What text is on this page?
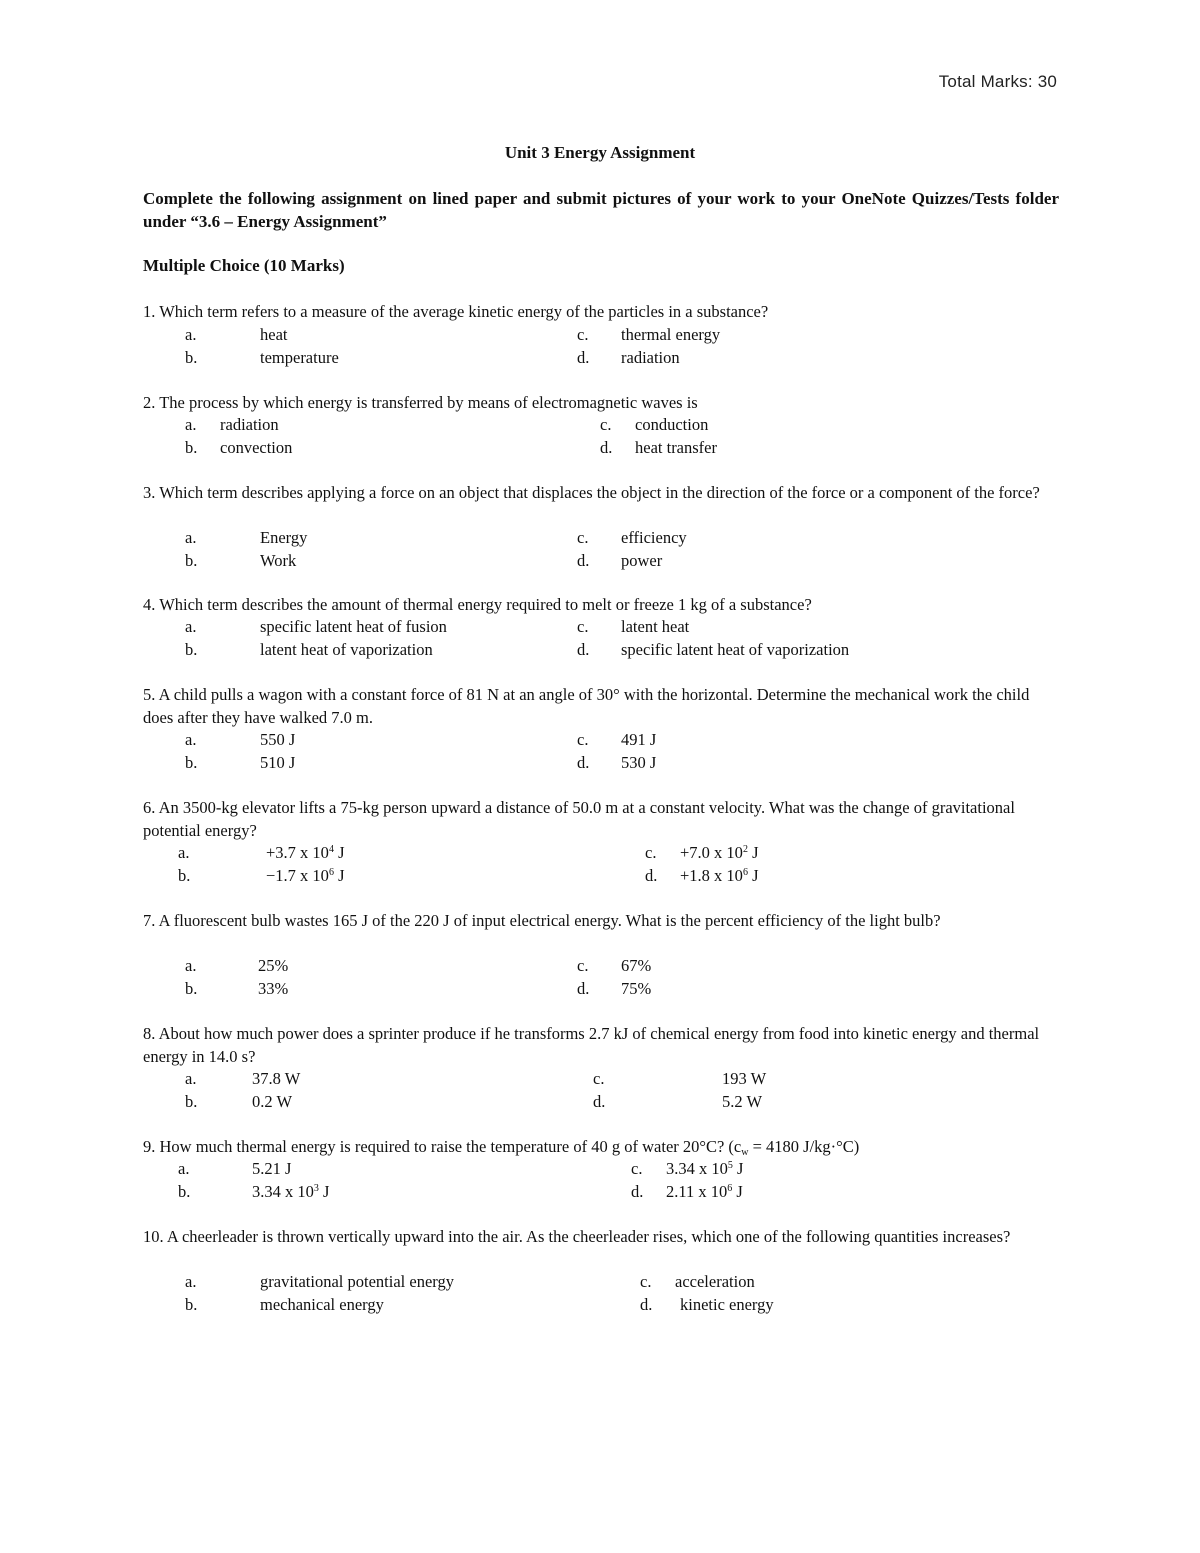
Total Marks: 30
Unit 3 Energy Assignment
Complete the following assignment on lined paper and submit pictures of your work to your OneNote Quizzes/Tests folder under “3.6 – Energy Assignment”
Multiple Choice (10 Marks)
1. Which term refers to a measure of the average kinetic energy of the particles in a substance?
a.	heat
b.	temperature
c. thermal energy
d. radiation
2. The process by which energy is transferred by means of electromagnetic waves is
a. radiation
b. convection
c. conduction
d. heat transfer
3. Which term describes applying a force on an object that displaces the object in the direction of the force or a component of the force?
a.	Energy
b.	Work
c. efficiency
d. power
4. Which term describes the amount of thermal energy required to melt or freeze 1 kg of a substance?
a.	specific latent heat of fusion
b.	latent heat of vaporization
c. latent heat
d. specific latent heat of vaporization
5. A child pulls a wagon with a constant force of 81 N at an angle of 30° with the horizontal. Determine the mechanical work the child does after they have walked 7.0 m.
a.	550 J
b.	510 J
c. 491 J
d. 530 J
6. An 3500-kg elevator lifts a 75-kg person upward a distance of 50.0 m at a constant velocity. What was the change of gravitational potential energy?
a.	+3.7 x $10^4$ J
b.	−1.7 x $10^6$ J
c. +7.0 x $10^2$ J
d. +1.8 x $10^6$ J
7. A fluorescent bulb wastes 165 J of the 220 J of input electrical energy. What is the percent efficiency of the light bulb?
a.	25%
b.	33%
c. 67%
d. 75%
8. About how much power does a sprinter produce if he transforms 2.7 kJ of chemical energy from food into kinetic energy and thermal energy in 14.0 s?
a.	37.8 W
b.	0.2 W
c.	193 W
d.	5.2 W
9. How much thermal energy is required to raise the temperature of 40 g of water 20°C? ($c_w = 4180$ J/kg·°C)
a.	5.21 J
b.	3.34 x $10^3$ J
c. 3.34 x $10^5$ J
d. 2.11 x $10^6$ J
10. A cheerleader is thrown vertically upward into the air. As the cheerleader rises, which one of the following quantities increases?
a.	gravitational potential energy
b.	mechanical energy
c. acceleration
d. kinetic energy
